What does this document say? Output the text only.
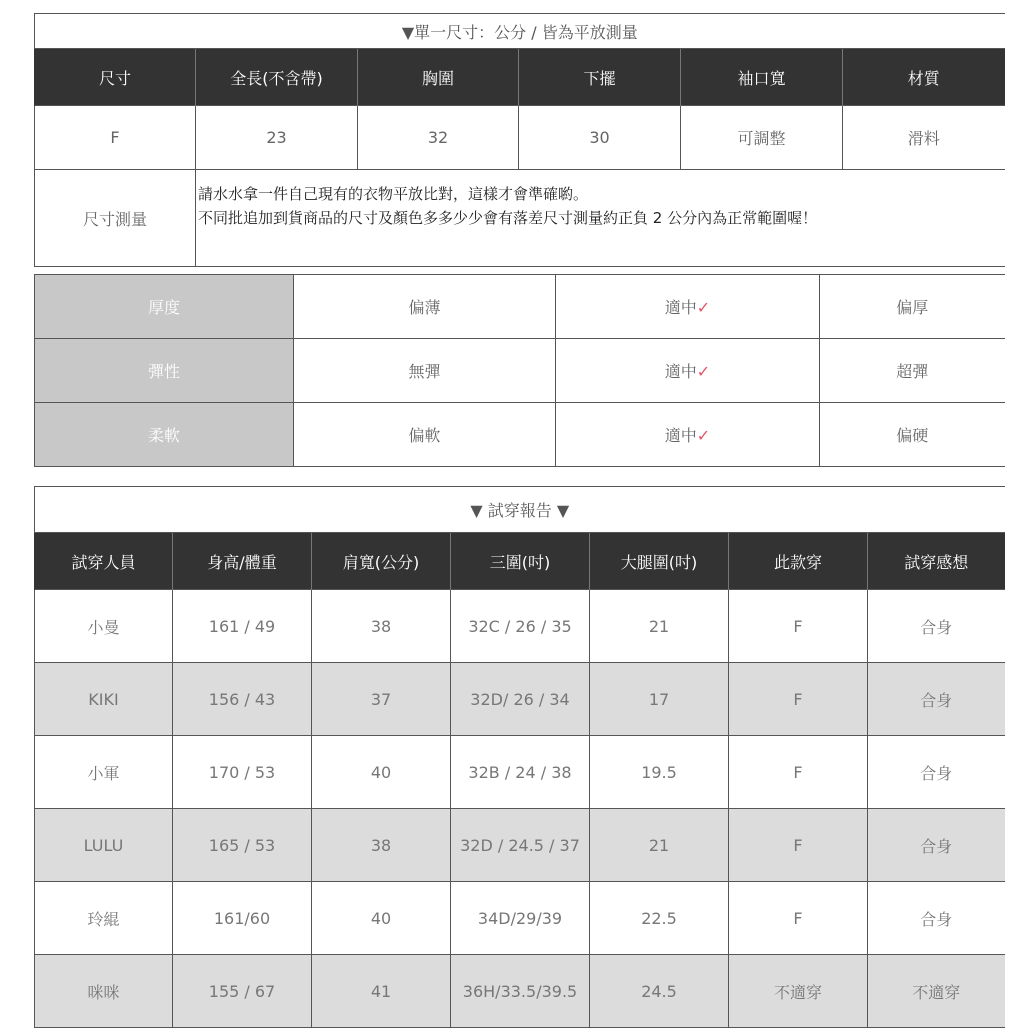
▼單一尺寸：公分 / 皆為平放測量					
尺寸	全長(不含帶)	胸圍	下擺	袖口寬	材質
F	23	32	30	可調整	滑料
尺寸測量	請水水拿一件自己現有的衣物平放比對，這樣才會準確喲。
不同批追加到貨商品的尺寸及顏色多多少少會有落差尺寸測量約正負 2 公分內為正常範圍喔！				
厚度	偏薄	適中✓	偏厚
彈性	無彈	適中✓	超彈
柔軟	偏軟	適中✓	偏硬
▼ 試穿報告 ▼						
試穿人員	身高/體重	肩寬(公分)	三圍(吋)	大腿圍(吋)	此款穿	試穿感想
小曼	161 / 49	38	32C / 26 / 35	21	F	合身
KIKI	156 / 43	37	32D/ 26 / 34	17	F	合身
小軍	170 / 53	40	32B / 24 / 38	19.5	F	合身
LULU	165 / 53	38	32D / 24.5 / 37	21	F	合身
玲緄	161/60	40	34D/29/39	22.5	F	合身
咪咪	155 / 67	41	36H/33.5/39.5	24.5	不適穿	不適穿
